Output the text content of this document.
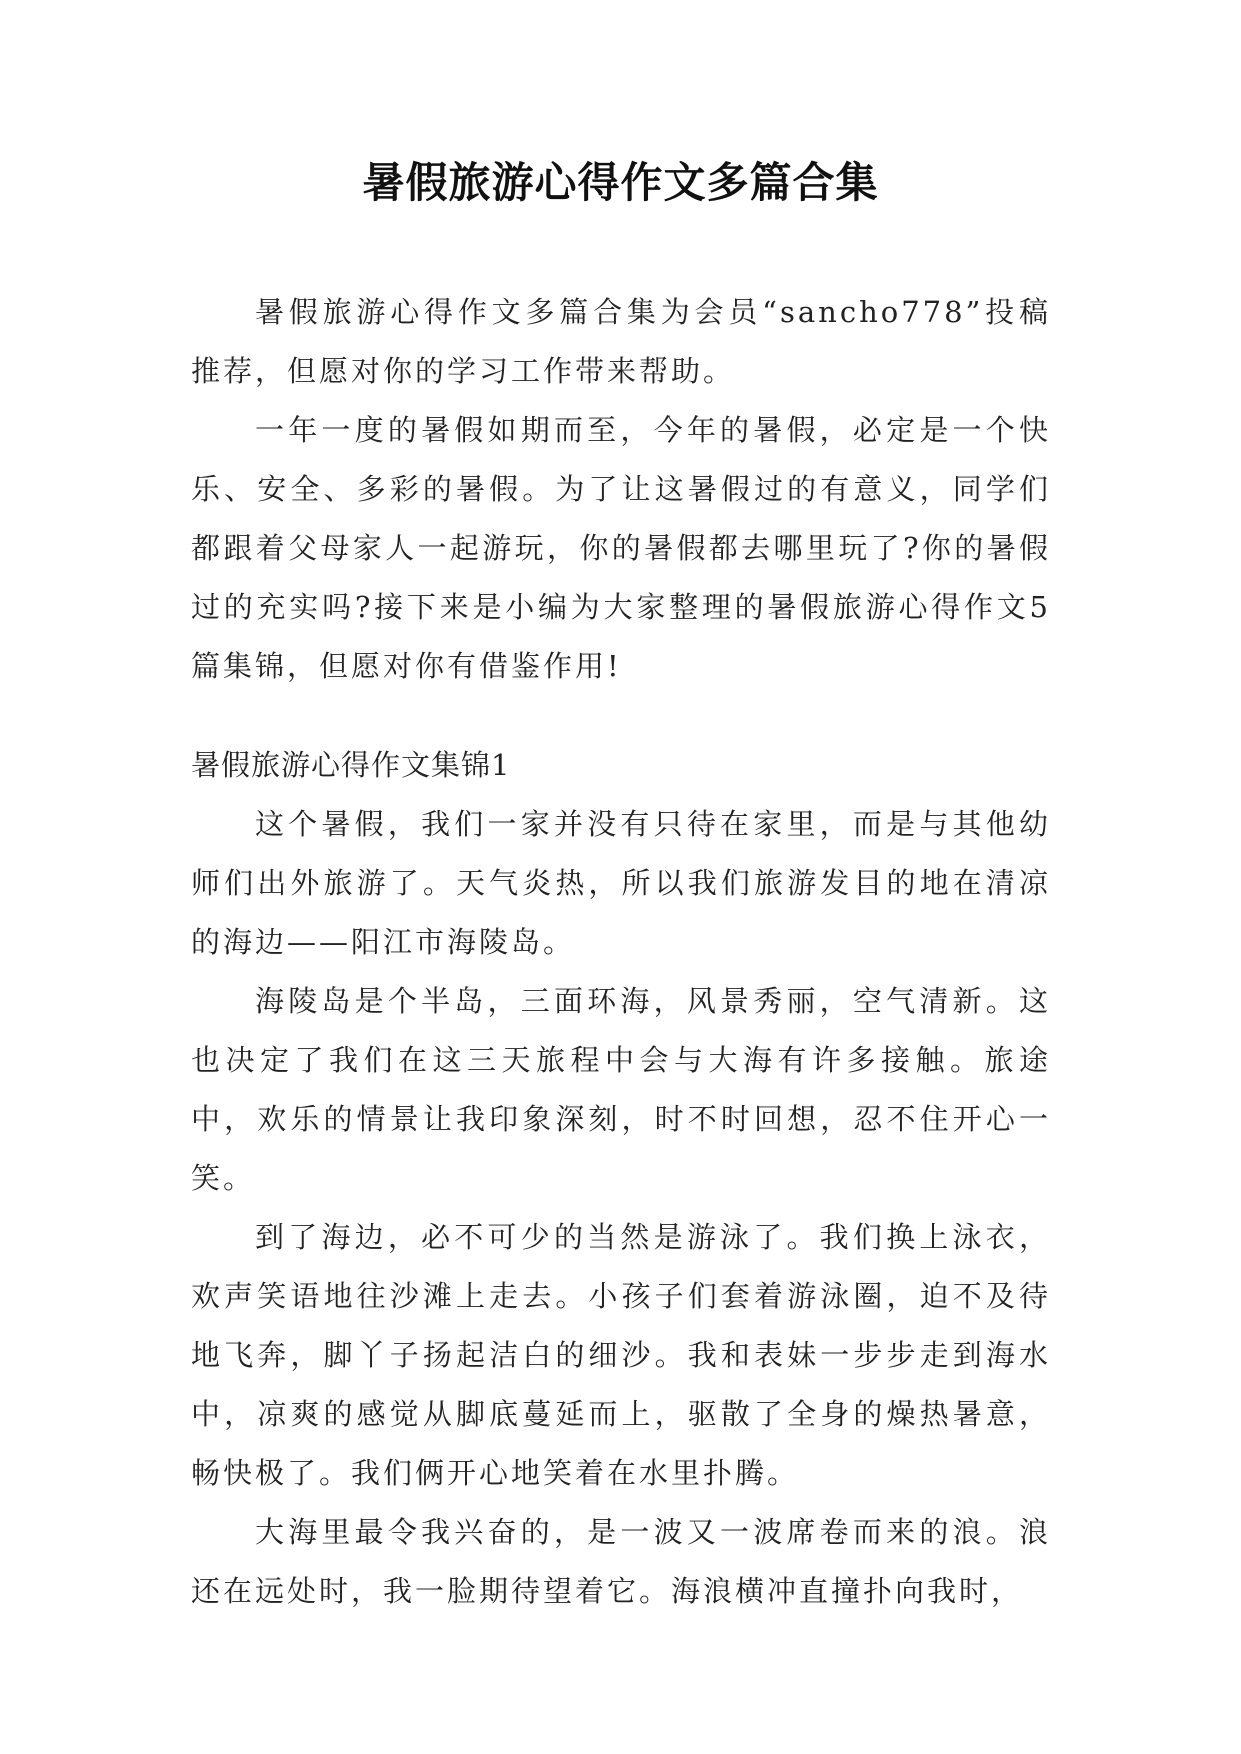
暑假旅游心得作文多篇合集

暑假旅游心得作文多篇合集为会员“sancho778”投稿推荐，但愿对你的学习工作带来帮助。

一年一度的暑假如期而至，今年的暑假，必定是一个快乐、安全、多彩的暑假。为了让这暑假过的有意义，同学们都跟着父母家人一起游玩，你的暑假都去哪里玩了?你的暑假过的充实吗?接下来是小编为大家整理的暑假旅游心得作文5篇集锦，但愿对你有借鉴作用!

暑假旅游心得作文集锦1

这个暑假，我们一家并没有只待在家里，而是与其他幼师们出外旅游了。天气炎热，所以我们旅游发目的地在清凉的海边——阳江市海陵岛。

海陵岛是个半岛，三面环海，风景秀丽，空气清新。这也决定了我们在这三天旅程中会与大海有许多接触。旅途中，欢乐的情景让我印象深刻，时不时回想，忍不住开心一笑。

到了海边，必不可少的当然是游泳了。我们换上泳衣，欢声笑语地往沙滩上走去。小孩子们套着游泳圈，迫不及待地飞奔，脚丫子扬起洁白的细沙。我和表妹一步步走到海水中，凉爽的感觉从脚底蔓延而上，驱散了全身的燥热暑意，畅快极了。我们俩开心地笑着在水里扑腾。

大海里最令我兴奋的，是一波又一波席卷而来的浪。浪还在远处时，我一脸期待望着它。海浪横冲直撞扑向我时，
